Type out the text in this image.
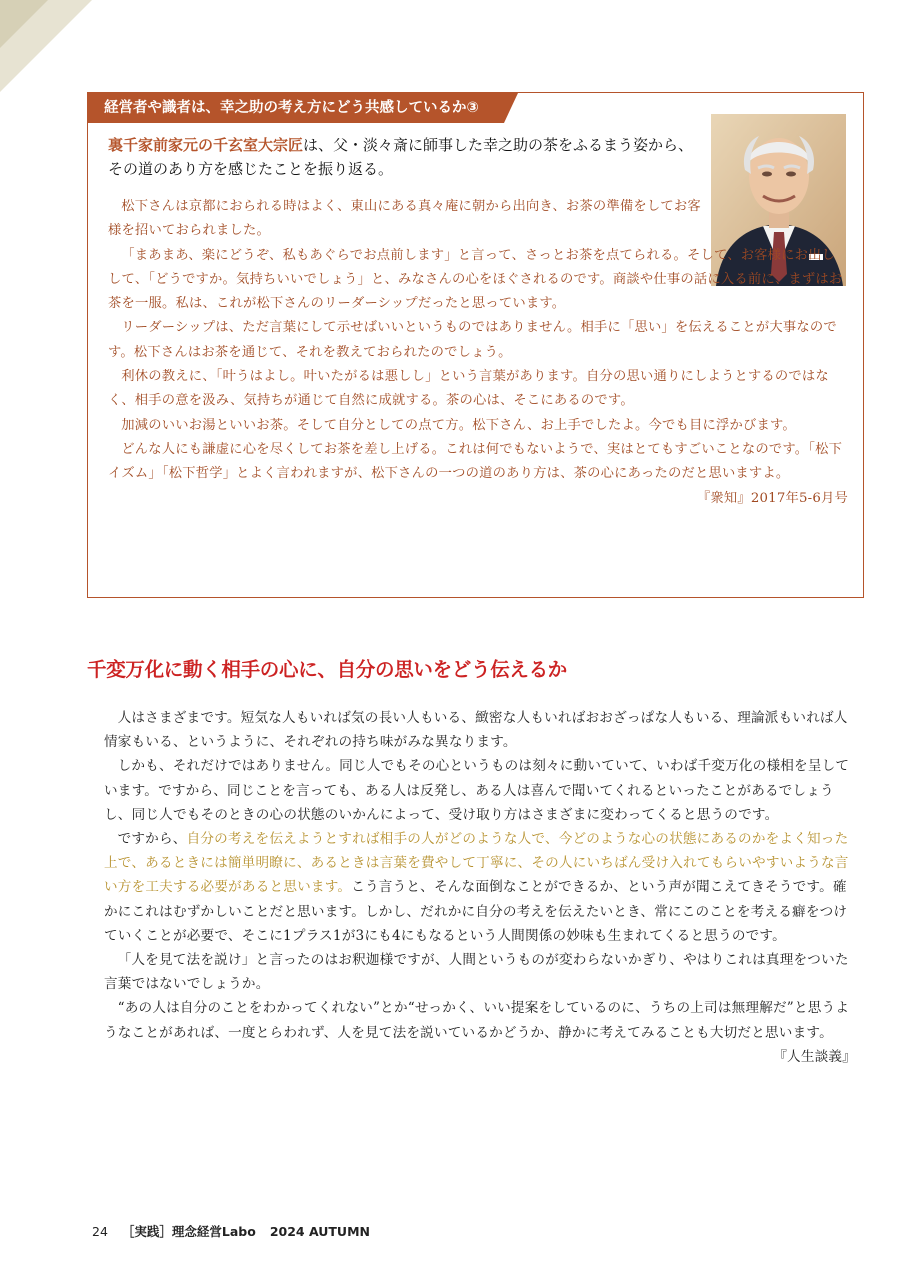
経営者や識者は、幸之助の考え方にどう共感しているか③
裏千家前家元の千玄室大宗匠は、父・淡々斎に師事した幸之助の茶をふるまう姿から、その道のあり方を感じたことを振り返る。

松下さんは京都におられる時はよく、東山にある真々庵に朝から出向き、お茶の準備をしてお客様を招いておられました。

「まあまあ、楽にどうぞ、私もあぐらでお点前します」と言って、さっとお茶を点てられる。そして、お客様にお出しして、「どうですか。気持ちいいでしょう」と、みなさんの心をほぐされるのです。商談や仕事の話に入る前に、まずはお茶を一服。私は、これが松下さんのリーダーシップだったと思っています。

リーダーシップは、ただ言葉にして示せばいいというものではありません。相手に「思い」を伝えることが大事なのです。松下さんはお茶を通じて、それを教えておられたのでしょう。

利休の教えに、「叶うはよし。叶いたがるは悪しし」という言葉があります。自分の思い通りにしようとするのではなく、相手の意を汲み、気持ちが通じて自然に成就する。茶の心は、そこにあるのです。

加減のいいお湯といいお茶。そして自分としての点て方。松下さん、お上手でしたよ。今でも目に浮かびます。

どんな人にも謙虚に心を尽くしてお茶を差し上げる。これは何でもないようで、実はとてもすごいことなのです。「松下イズム」「松下哲学」とよく言われますが、松下さんの一つの道のあり方は、茶の心にあったのだと思いますよ。

『衆知』2017年5-6月号

千変万化に動く相手の心に、自分の思いをどう伝えるか

人はさまざまです。短気な人もいれば気の長い人もいる、緻密な人もいればおおざっぱな人もいる、理論派もいれば人情家もいる、というように、それぞれの持ち味がみな異なります。

しかも、それだけではありません。同じ人でもその心というものは刻々に動いていて、いわば千変万化の様相を呈しています。ですから、同じことを言っても、ある人は反発し、ある人は喜んで聞いてくれるといったことがあるでしょうし、同じ人でもそのときの心の状態のいかんによって、受け取り方はさまざまに変わってくると思うのです。

ですから、自分の考えを伝えようとすれば相手の人がどのような人で、今どのような心の状態にあるのかをよく知った上で、あるときには簡単明瞭に、あるときは言葉を費やして丁寧に、その人にいちばん受け入れてもらいやすいような言い方を工夫する必要があると思います。こう言うと、そんな面倒なことができるか、という声が聞こえてきそうです。確かにこれはむずかしいことだと思います。しかし、だれかに自分の考えを伝えたいとき、常にこのことを考える癖をつけていくことが必要で、そこに1プラス1が3にも4にもなるという人間関係の妙味も生まれてくると思うのです。

「人を見て法を説け」と言ったのはお釈迦様ですが、人間というものが変わらないかぎり、やはりこれは真理をついた言葉ではないでしょうか。

“あの人は自分のことをわかってくれない”とか“せっかく、いい提案をしているのに、うちの上司は無理解だ”と思うようなことがあれば、一度とらわれず、人を見て法を説いているかどうか、静かに考えてみることも大切だと思います。

『人生談義』

24 ［実践］理念経営Labo 2024 AUTUMN
